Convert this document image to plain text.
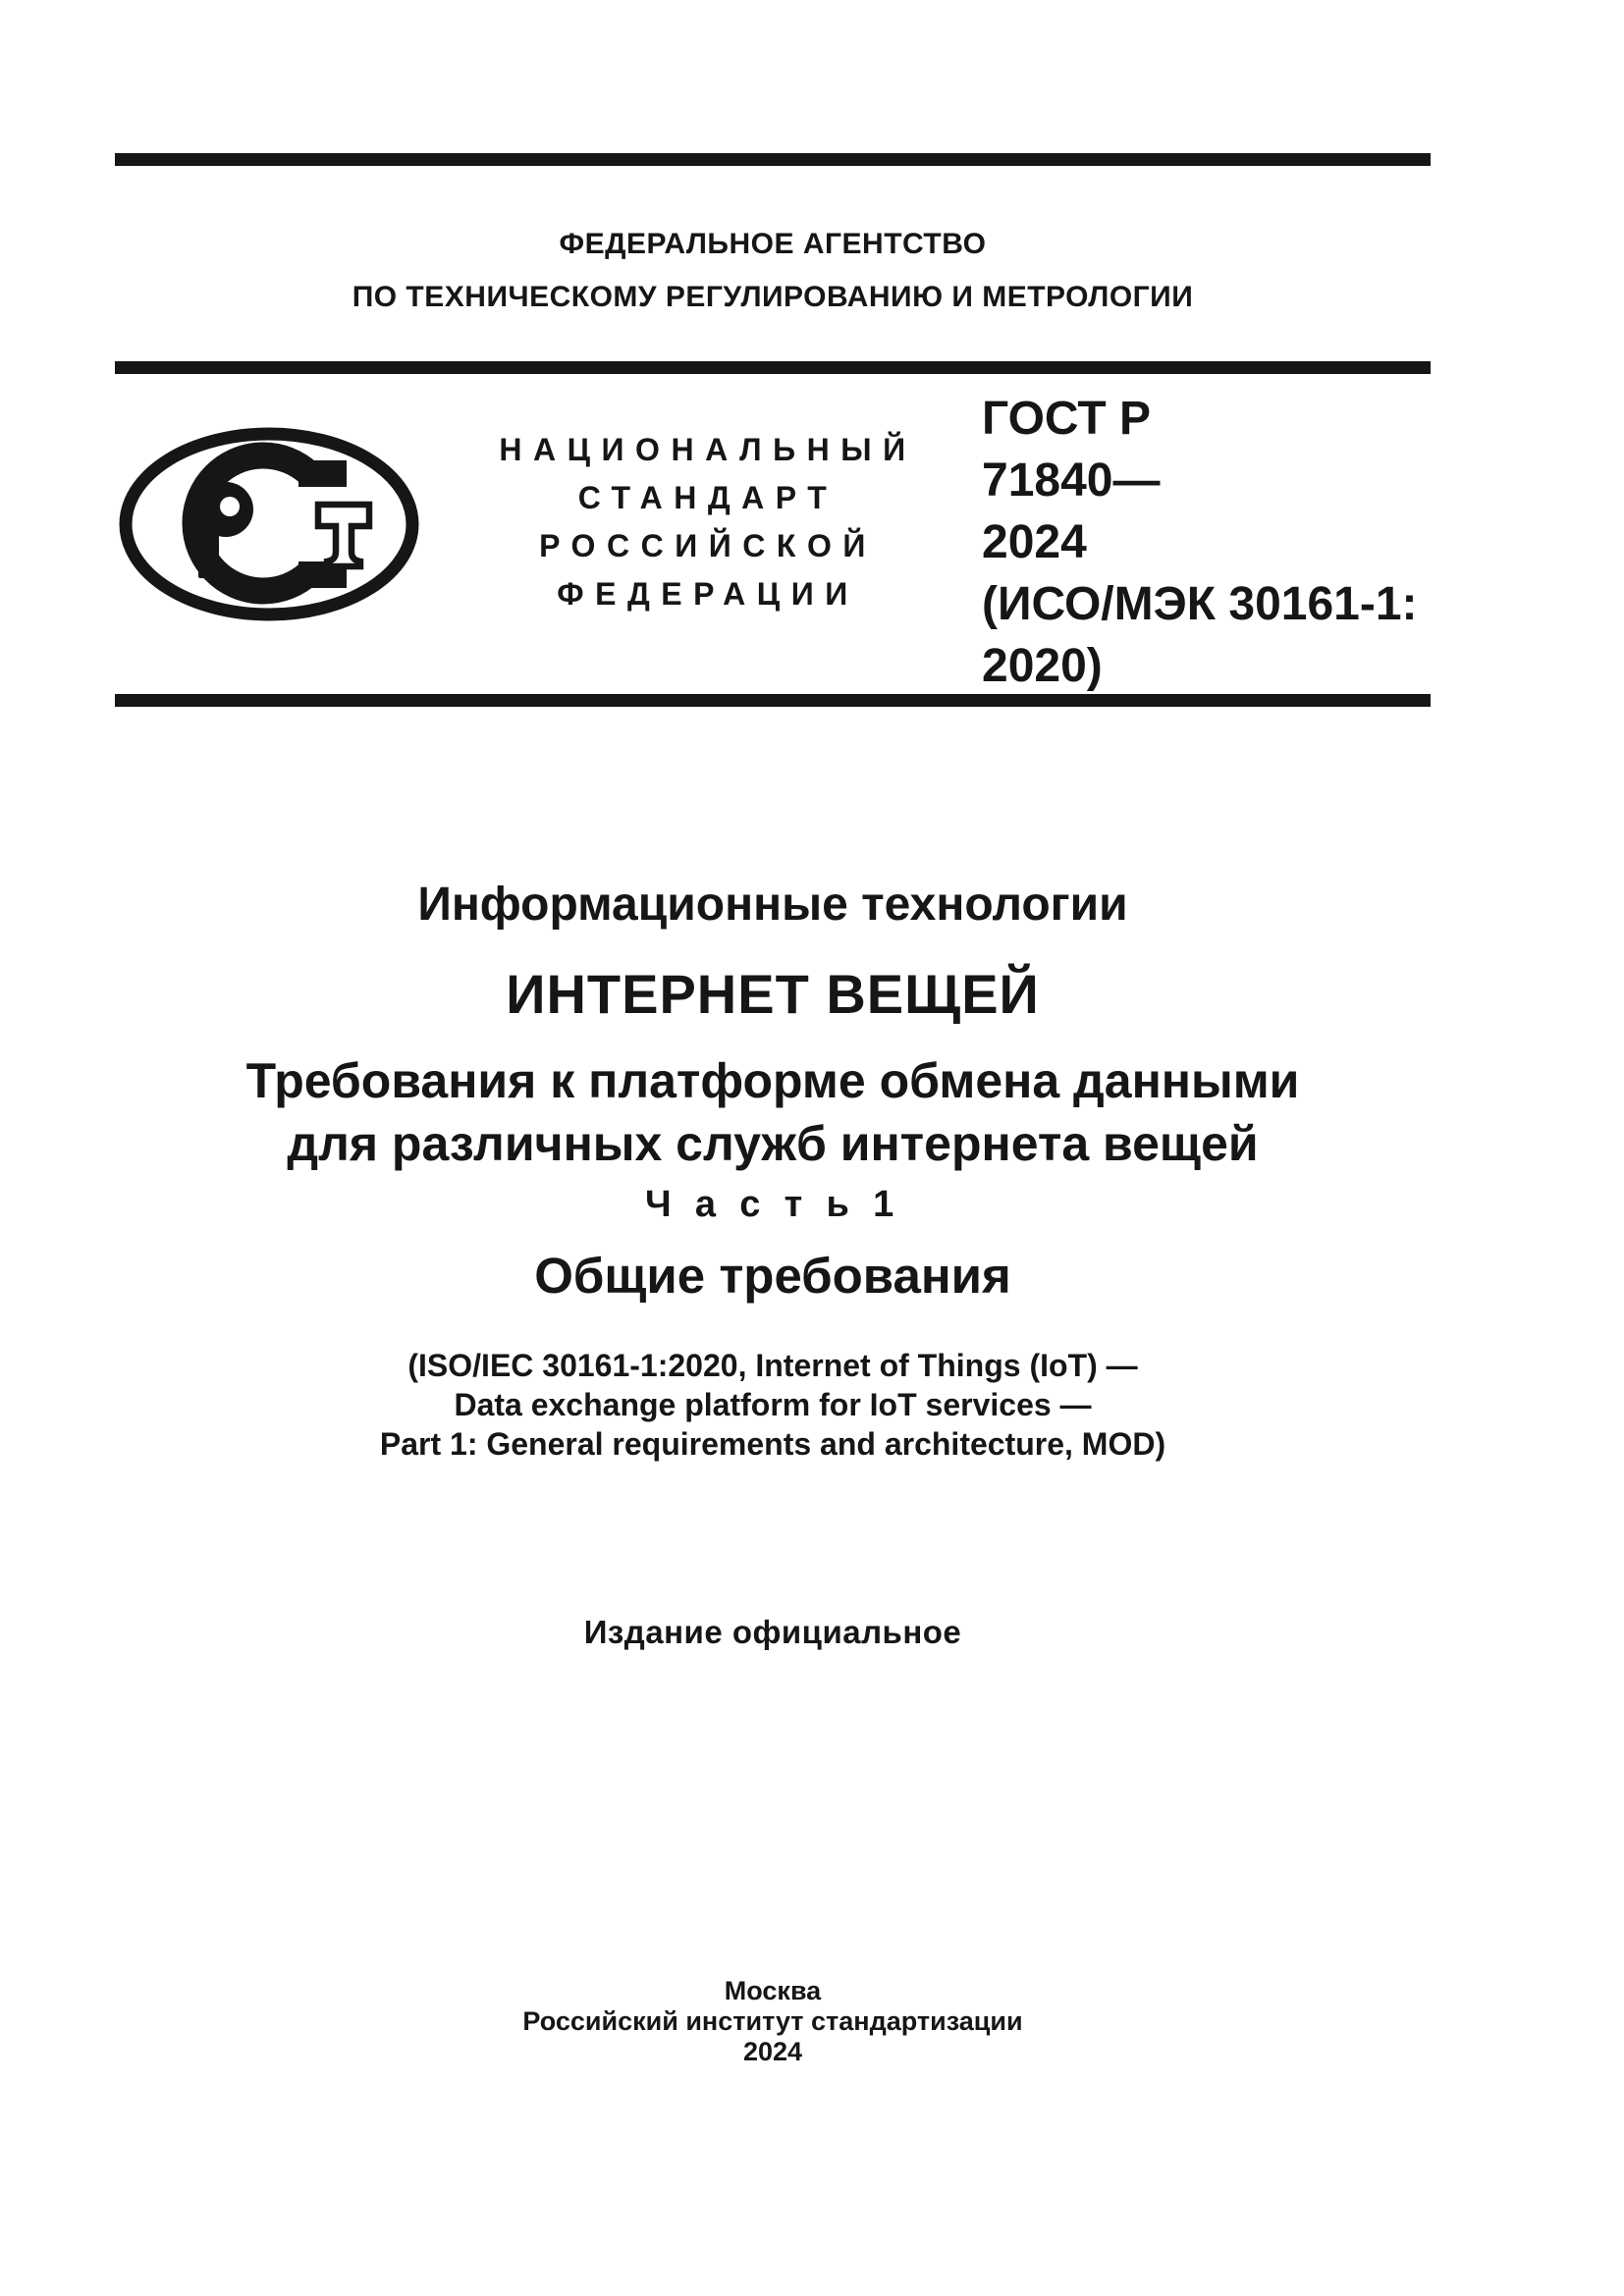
ФЕДЕРАЛЬНОЕ АГЕНТСТВО
ПО ТЕХНИЧЕСКОМУ РЕГУЛИРОВАНИЮ И МЕТРОЛОГИИ
НАЦИОНАЛЬНЫЙ
СТАНДАРТ
РОССИЙСКОЙ
ФЕДЕРАЦИИ
ГОСТ Р
71840—
2024
(ИСО/МЭК 30161-1:
2020)
Информационные технологии
ИНТЕРНЕТ ВЕЩЕЙ
Требования к платформе обмена данными
для различных служб интернета вещей
Ч а с т ь 1
Общие требования
(ISO/IEC 30161-1:2020, Internet of Things (IoT) —
Data exchange platform for IoT services —
Part 1: General requirements and architecture, MOD)
Издание официальное
Москва
Российский институт стандартизации
2024
